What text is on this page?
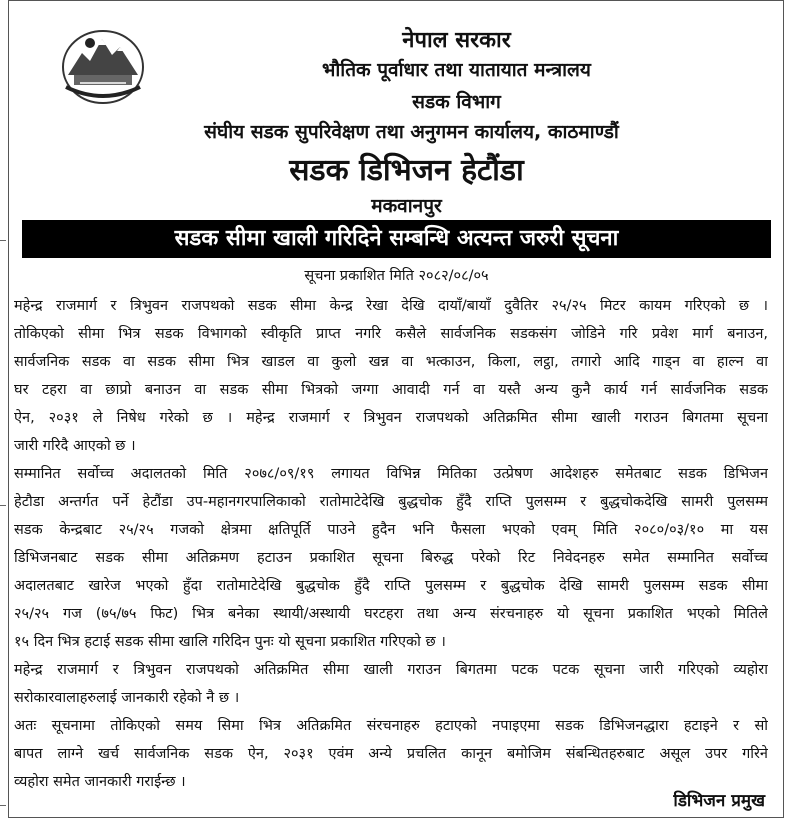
नेपाल सरकार
भौतिक पूर्वाधार तथा यातायात मन्त्रालय
सडक विभाग
संघीय सडक सुपरिवेक्षण तथा अनुगमन कार्यालय, काठमाण्डौं
सडक डिभिजन हेटौंडा
मकवानपुर
सडक सीमा खाली गरिदिने सम्बन्धि अत्यन्त जरुरी सूचना
सूचना प्रकाशित मिति २०८२/०८/०५
महेन्द्र राजमार्ग र त्रिभुवन राजपथको सडक सीमा केन्द्र रेखा देखि दायाँ/बायाँ दुवैतिर २५/२५ मिटर कायम गरिएको छ ।
तोकिएको सीमा भित्र सडक विभागको स्वीकृति प्राप्त नगरि कसैले सार्वजनिक सडकसंग जोडिने गरि प्रवेश मार्ग बनाउन,
सार्वजनिक सडक वा सडक सीमा भित्र खाडल वा कुलो खन्न वा भत्काउन, किला, लट्ठा, तगारो आदि गाड्न वा हाल्न वा
घर टहरा वा छाप्रो बनाउन वा सडक सीमा भित्रको जग्गा आवादी गर्न वा यस्तै अन्य कुनै कार्य गर्न सार्वजनिक सडक
ऐन, २०३१ ले निषेध गरेको छ । महेन्द्र राजमार्ग र त्रिभुवन राजपथको अतिक्रमित सीमा खाली गराउन बिगतमा सूचना
जारी गरिदै आएको छ ।
सम्मानित सर्वोच्च अदालतको मिति २०७८/०९/१९ लगायत विभिन्न मितिका उत्प्रेषण आदेशहरु समेतबाट सडक डिभिजन
हेटौडा अन्तर्गत पर्ने हेटौंडा उप-महानगरपालिकाको रातोमाटेदेखि बुद्धचोक हुँदै राप्ति पुलसम्म र बुद्धचोकदेखि सामरी पुलसम्म
सडक केन्द्रबाट २५/२५ गजको क्षेत्रमा क्षतिपूर्ति पाउने हुदैन भनि फैसला भएको एवम् मिति २०८०/०३/१० मा यस
डिभिजनबाट सडक सीमा अतिक्रमण हटाउन प्रकाशित सूचना बिरुद्ध परेको रिट निवेदनहरु समेत सम्मानित सर्वोच्च
अदालतबाट खारेज भएको हुँदा रातोमाटेदेखि बुद्धचोक हुँदै राप्ति पुलसम्म र बुद्धचोक देखि सामरी पुलसम्म सडक सीमा
२५/२५ गज (७५/७५ फिट) भित्र बनेका स्थायी/अस्थायी घरटहरा तथा अन्य संरचनाहरु यो सूचना प्रकाशित भएको मितिले
१५ दिन भित्र हटाई सडक सीमा खालि गरिदिन पुनः यो सूचना प्रकाशित गरिएको छ ।
महेन्द्र राजमार्ग र त्रिभुवन राजपथको अतिक्रमित सीमा खाली गराउन बिगतमा पटक पटक सूचना जारी गरिएको व्यहोरा
सरोकारवालाहरुलाई जानकारी रहेको नै छ ।
अतः सूचनामा तोकिएको समय सिमा भित्र अतिक्रमित संरचनाहरु हटाएको नपाइएमा सडक डिभिजनद्धारा हटाइने र सो
बापत लाग्ने खर्च सार्वजनिक सडक ऐन, २०३१ एवंम अन्ये प्रचलित कानून बमोजिम संबन्धितहरुबाट असूल उपर गरिने
व्यहोरा समेत जानकारी गराईन्छ ।
डिभिजन प्रमुख
